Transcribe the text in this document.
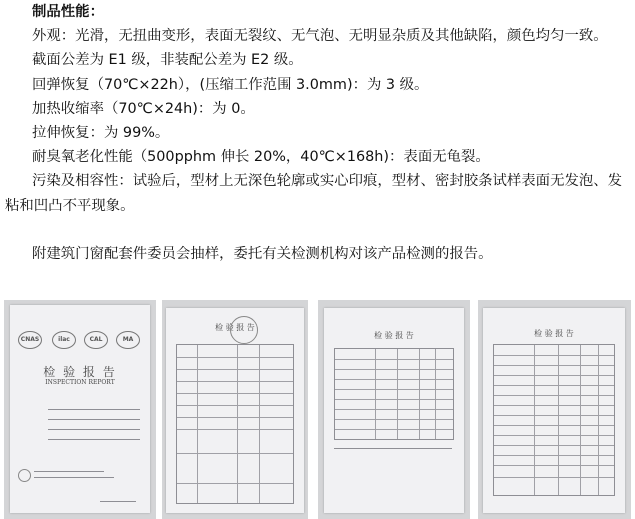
制品性能：
外观：光滑，无扭曲变形，表面无裂纹、无气泡、无明显杂质及其他缺陷，颜色均匀一致。
截面公差为 E1 级，非装配公差为 E2 级。
回弹恢复（70℃×22h），(压缩工作范围 3.0mm)：为 3 级。
加热收缩率（70℃×24h)：为 0。
拉伸恢复：为 99%。
耐臭氧老化性能（500pphm 伸长 20%，40℃×168h)：表面无龟裂。
污染及相容性：试验后，型材上无深色轮廓或实心印痕，型材、密封胶条试样表面无发泡、发粘和凹凸不平现象。
附建筑门窗配套件委员会抽样，委托有关检测机构对该产品检测的报告。
CNAS	ilac	CAL	MA
检 验 报 告
INSPECTION REPORT
检 验 报 告
检 验 报 告	检 验 报 告
